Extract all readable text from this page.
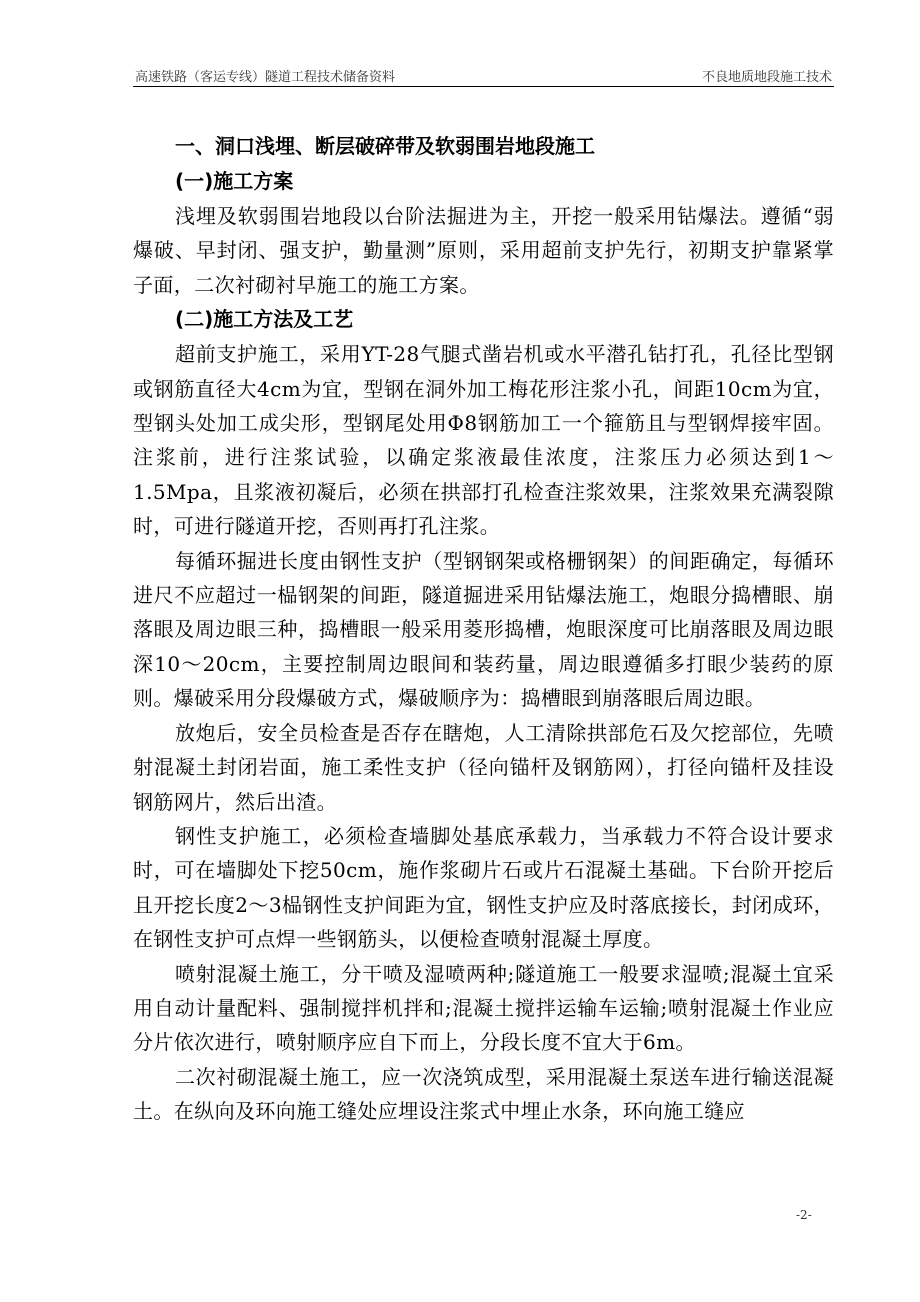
高速铁路（客运专线）隧道工程技术储备资料	不良地质地段施工技术
一、洞口浅埋、断层破碎带及软弱围岩地段施工
(一)施工方案

浅埋及软弱围岩地段以台阶法掘进为主，开挖一般采用钻爆法。遵循“弱爆破、早封闭、强支护，勤量测”原则，采用超前支护先行，初期支护靠紧掌子面，二次衬砌衬早施工的施工方案。

(二)施工方法及工艺

超前支护施工，采用YT-28气腿式凿岩机或水平潜孔钻打孔，孔径比型钢或钢筋直径大4cm为宜，型钢在洞外加工梅花形注浆小孔，间距10cm为宜，型钢头处加工成尖形，型钢尾处用Φ8钢筋加工一个箍筋且与型钢焊接牢固。注浆前，进行注浆试验，以确定浆液最佳浓度，注浆压力必须达到1～1.5Mpa，且浆液初凝后，必须在拱部打孔检查注浆效果，注浆效果充满裂隙时，可进行隧道开挖，否则再打孔注浆。

每循环掘进长度由钢性支护（型钢钢架或格栅钢架）的间距确定，每循环进尺不应超过一榀钢架的间距，隧道掘进采用钻爆法施工，炮眼分捣槽眼、崩落眼及周边眼三种，捣槽眼一般采用菱形捣槽，炮眼深度可比崩落眼及周边眼深10～20cm，主要控制周边眼间和装药量，周边眼遵循多打眼少装药的原则。爆破采用分段爆破方式，爆破顺序为：捣槽眼到崩落眼后周边眼。

放炮后，安全员检查是否存在瞎炮，人工清除拱部危石及欠挖部位，先喷射混凝土封闭岩面，施工柔性支护（径向锚杆及钢筋网），打径向锚杆及挂设钢筋网片，然后出渣。

钢性支护施工，必须检查墙脚处基底承载力，当承载力不符合设计要求时，可在墙脚处下挖50cm，施作浆砌片石或片石混凝土基础。下台阶开挖后且开挖长度2～3榀钢性支护间距为宜，钢性支护应及时落底接长，封闭成环，在钢性支护可点焊一些钢筋头，以便检查喷射混凝土厚度。

喷射混凝土施工，分干喷及湿喷两种;隧道施工一般要求湿喷;混凝土宜采用自动计量配料、强制搅拌机拌和;混凝土搅拌运输车运输;喷射混凝土作业应分片依次进行，喷射顺序应自下而上，分段长度不宜大于6m。

二次衬砌混凝土施工，应一次浇筑成型，采用混凝土泵送车进行输送混凝土。在纵向及环向施工缝处应埋设注浆式中埋止水条，环向施工缝应

-2-
